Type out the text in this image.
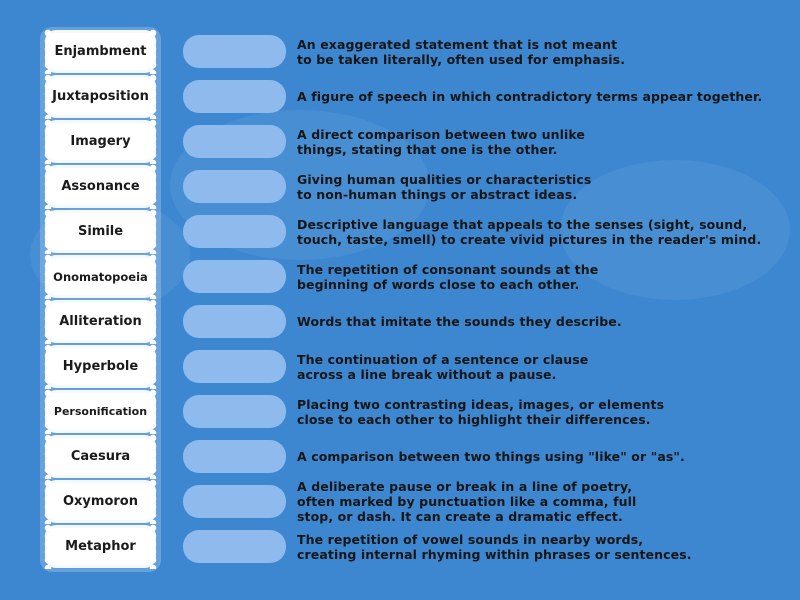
Enjambment
Juxtaposition
Imagery
Assonance
Simile
Onomatopoeia
Alliteration
Hyperbole
Personification
Caesura
Oxymoron
Metaphor
An exaggerated statement that is not meant
to be taken literally, often used for emphasis.
A figure of speech in which contradictory terms appear together.
A direct comparison between two unlike
things, stating that one is the other.
Giving human qualities or characteristics
to non-human things or abstract ideas.
Descriptive language that appeals to the senses (sight, sound,
touch, taste, smell) to create vivid pictures in the reader's mind.
The repetition of consonant sounds at the
beginning of words close to each other.
Words that imitate the sounds they describe.
The continuation of a sentence or clause
across a line break without a pause.
Placing two contrasting ideas, images, or elements
close to each other to highlight their differences.
A comparison between two things using "like" or "as".
A deliberate pause or break in a line of poetry,
often marked by punctuation like a comma, full
stop, or dash. It can create a dramatic effect.
The repetition of vowel sounds in nearby words,
creating internal rhyming within phrases or sentences.
